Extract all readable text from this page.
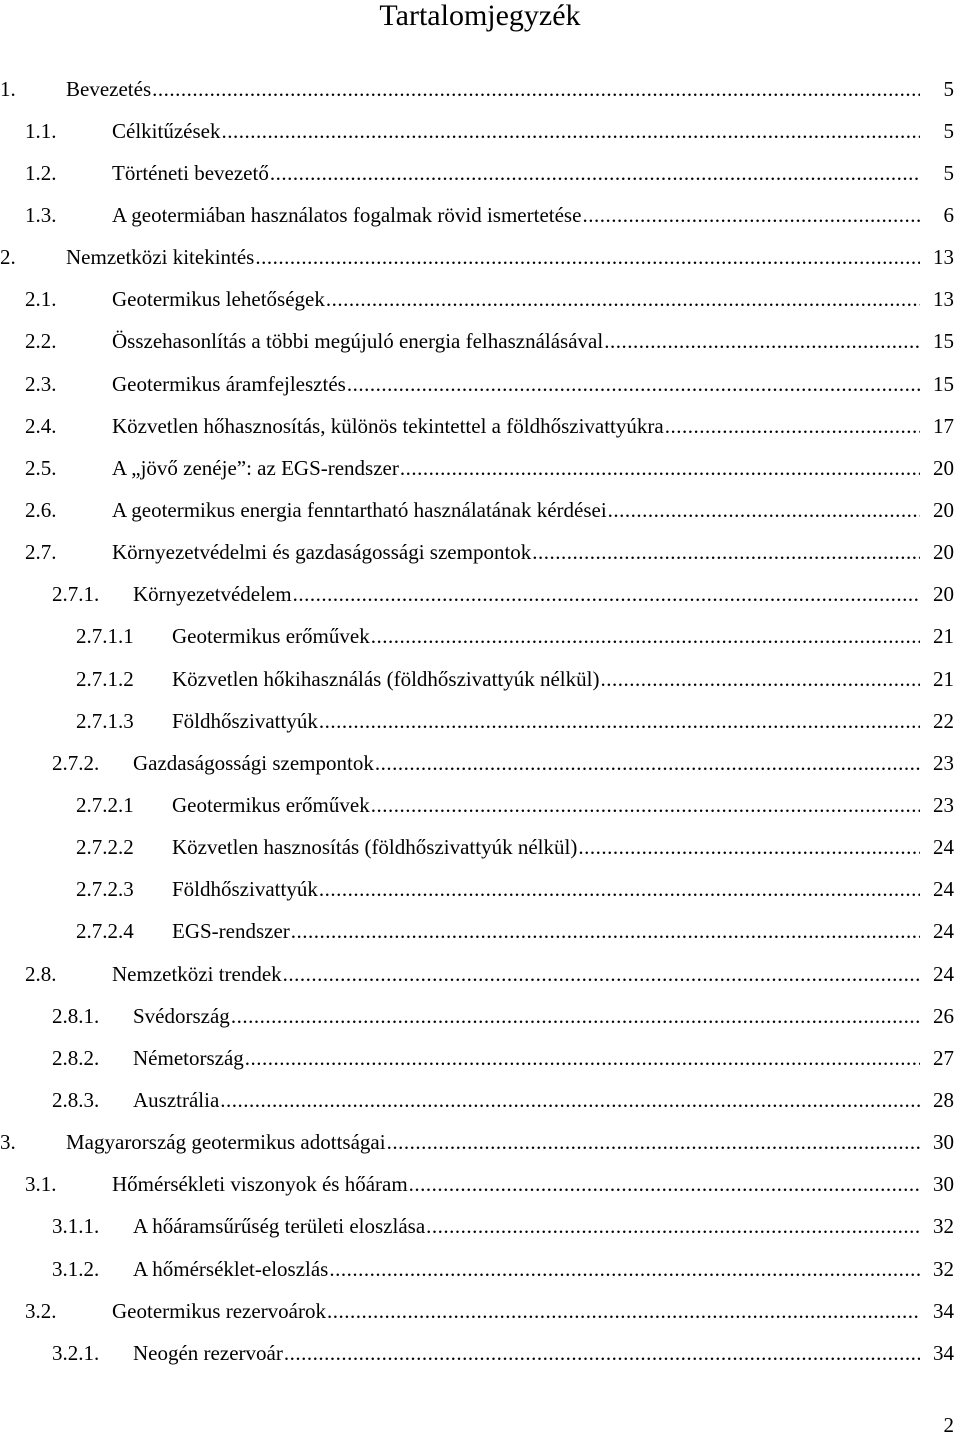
Tartalomjegyzék
1. Bevezetés .....	5
1.1.	Célkitűzések .....	5
1.2.	Történeti bevezető .....	5
1.3.	A geotermiában használatos fogalmak rövid ismertetése .....	6
2. Nemzetközi kitekintés .....	13
2.1.	Geotermikus lehetőségek .....	13
2.2.	Összehasonlítás a többi megújuló energia felhasználásával .....	15
2.3.	Geotermikus áramfejlesztés .....	15
2.4.	Közvetlen hőhasznosítás, különös tekintettel a földhőszivattyúkra .....	17
2.5.	A „jövő zenéje”: az EGS-rendszer .....	20
2.6.	A geotermikus energia fenntartható használatának kérdései .....	20
2.7.	Környezetvédelmi és gazdaságossági szempontok .....	20
2.7.1. Környezetvédelem .....	20
2.7.1.1 Geotermikus erőművek .....	21
2.7.1.2 Közvetlen hőkihasználás (földhőszivattyúk nélkül) .....	21
2.7.1.3 Földhőszivattyúk .....	22
2.7.2. Gazdaságossági szempontok .....	23
2.7.2.1 Geotermikus erőművek .....	23
2.7.2.2 Közvetlen hasznosítás (földhőszivattyúk nélkül) .....	24
2.7.2.3 Földhőszivattyúk .....	24
2.7.2.4 EGS-rendszer .....	24
2.8.	Nemzetközi trendek .....	24
2.8.1. Svédország .....	26
2.8.2. Németország .....	27
2.8.3. Ausztrália .....	28
3. Magyarország geotermikus adottságai .....	30
3.1.	Hőmérsékleti viszonyok és hőáram .....	30
3.1.1. A hőáramsűrűség területi eloszlása .....	32
3.1.2. A hőmérséklet-eloszlás .....	32
3.2.	Geotermikus rezervoárok .....	34
3.2.1. Neogén rezervoár .....	34
2
